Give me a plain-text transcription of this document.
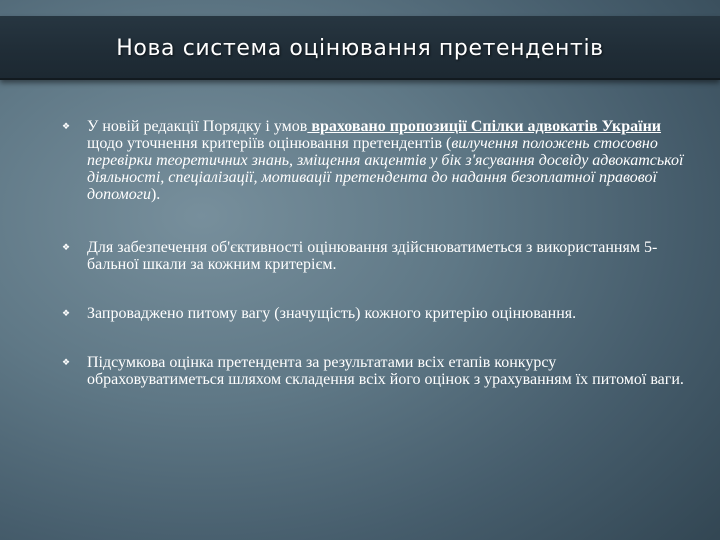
Нова система оцінювання претендентів
❖ У новій редакції Порядку і умов враховано пропозиції Спілки адвокатів України щодо уточнення критеріїв оцінювання претендентів (вилучення положень стосовно перевірки теоретичних знань, зміщення акцентів у бік з'ясування досвіду адвокатської діяльності, спеціалізації, мотивації претендента до надання безоплатної правової допомоги).
❖ Для забезпечення об'єктивності оцінювання здійснюватиметься з використанням 5-бальної шкали за кожним критерієм.
❖ Запроваджено питому вагу (значущість) кожного критерію оцінювання.
❖ Підсумкова оцінка претендента за результатами всіх етапів конкурсу обраховуватиметься шляхом складення всіх його оцінок з урахуванням їх питомої ваги.
